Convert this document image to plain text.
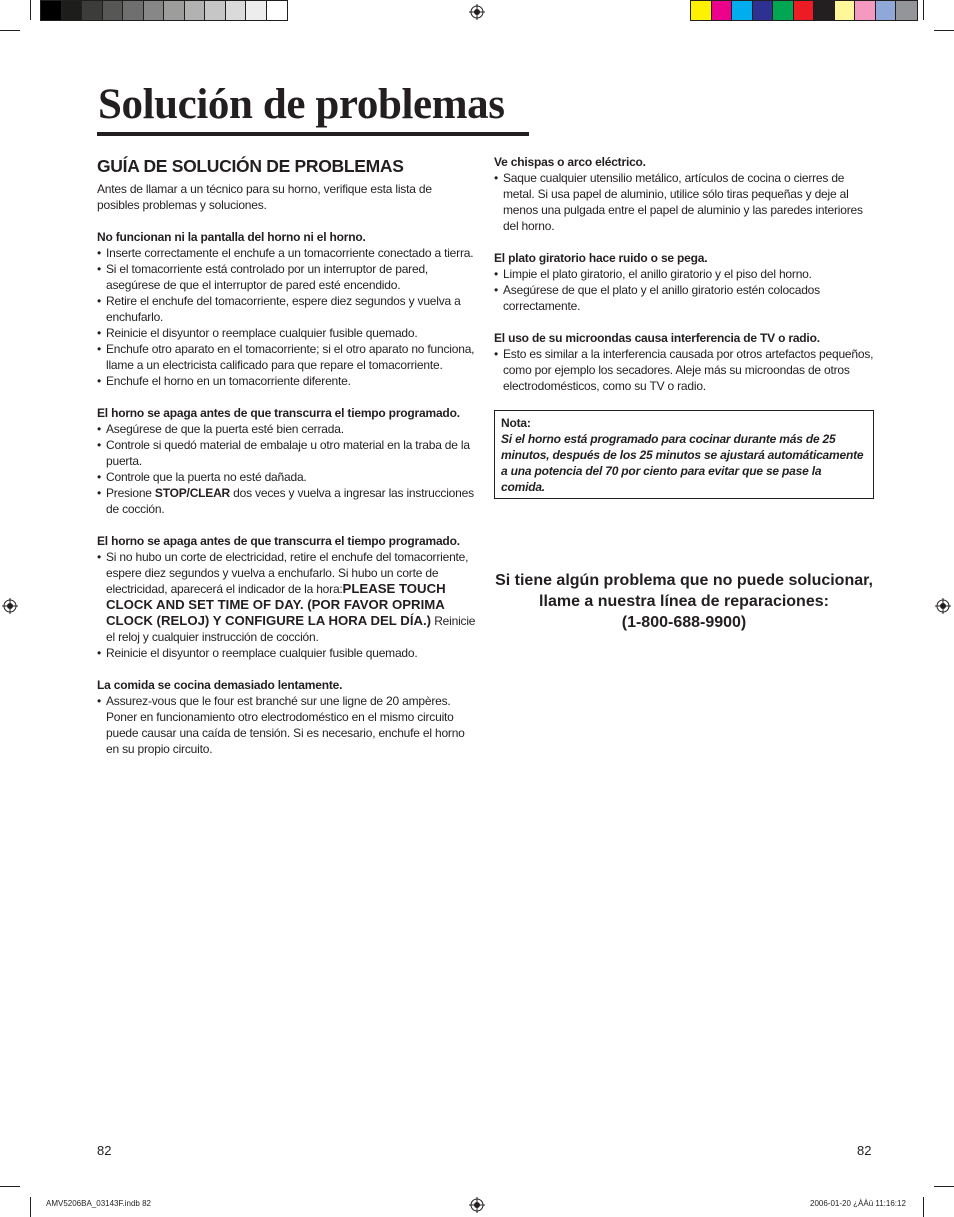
Solución de problemas
GUÍA DE SOLUCIÓN DE PROBLEMAS

Antes de llamar a un técnico para su horno, verifique esta lista de posibles problemas y soluciones.

No funcionan ni la pantalla del horno ni el horno.
• Inserte correctamente el enchufe a un tomacorriente conectado a tierra.
• Si el tomacorriente está controlado por un interruptor de pared, asegúrese de que el interruptor de pared esté encendido.
• Retire el enchufe del tomacorriente, espere diez segundos y vuelva a enchufarlo.
• Reinicie el disyuntor o reemplace cualquier fusible quemado.
• Enchufe otro aparato en el tomacorriente; si el otro aparato no funciona, llame a un electricista calificado para que repare el tomacorriente.
• Enchufe el horno en un tomacorriente diferente.
El horno se apaga antes de que transcurra el tiempo programado.
• Asegúrese de que la puerta esté bien cerrada.
• Controle si quedó material de embalaje u otro material en la traba de la puerta.
• Controle que la puerta no esté dañada.
• Presione STOP/CLEAR dos veces y vuelva a ingresar las instrucciones de cocción.
El horno se apaga antes de que transcurra el tiempo programado.
• Si no hubo un corte de electricidad, retire el enchufe del tomacorriente, espere diez segundos y vuelva a enchufarlo. Si hubo un corte de electricidad, aparecerá el indicador de la hora:PLEASE TOUCH CLOCK AND SET TIME OF DAY. (POR FAVOR OPRIMA CLOCK (RELOJ) Y CONFIGURE LA HORA DEL DÍA.) Reinicie el reloj y cualquier instrucción de cocción.
• Reinicie el disyuntor o reemplace cualquier fusible quemado.
La comida se cocina demasiado lentamente.
• Assurez-vous que le four est branché sur une ligne de 20 ampères. Poner en funcionamiento otro electrodoméstico en el mismo circuito puede causar una caída de tensión. Si es necesario, enchufe el horno en su propio circuito.
Ve chispas o arco eléctrico.
• Saque cualquier utensilio metálico, artículos de cocina o cierres de metal. Si usa papel de aluminio, utilice sólo tiras pequeñas y deje al menos una pulgada entre el papel de aluminio y las paredes interiores del horno.
El plato giratorio hace ruido o se pega.
• Limpie el plato giratorio, el anillo giratorio y el piso del horno.
• Asegúrese de que el plato y el anillo giratorio estén colocados correctamente.
El uso de su microondas causa interferencia de TV o radio.
• Esto es similar a la interferencia causada por otros artefactos pequeños, como por ejemplo los secadores. Aleje más su microondas de otros electrodomésticos, como su TV o radio.
Nota:
Si el horno está programado para cocinar durante más de 25 minutos, después de los 25 minutos se ajustará automáticamente a una potencia del 70 por ciento para evitar que se pase la comida.
Si tiene algún problema que no puede solucionar, llame a nuestra línea de reparaciones:
(1-800-688-9900)
82	82
AMV5206BA_03143F.indb 82	2006-01-20 ¿ÀÀü 11:16:12
